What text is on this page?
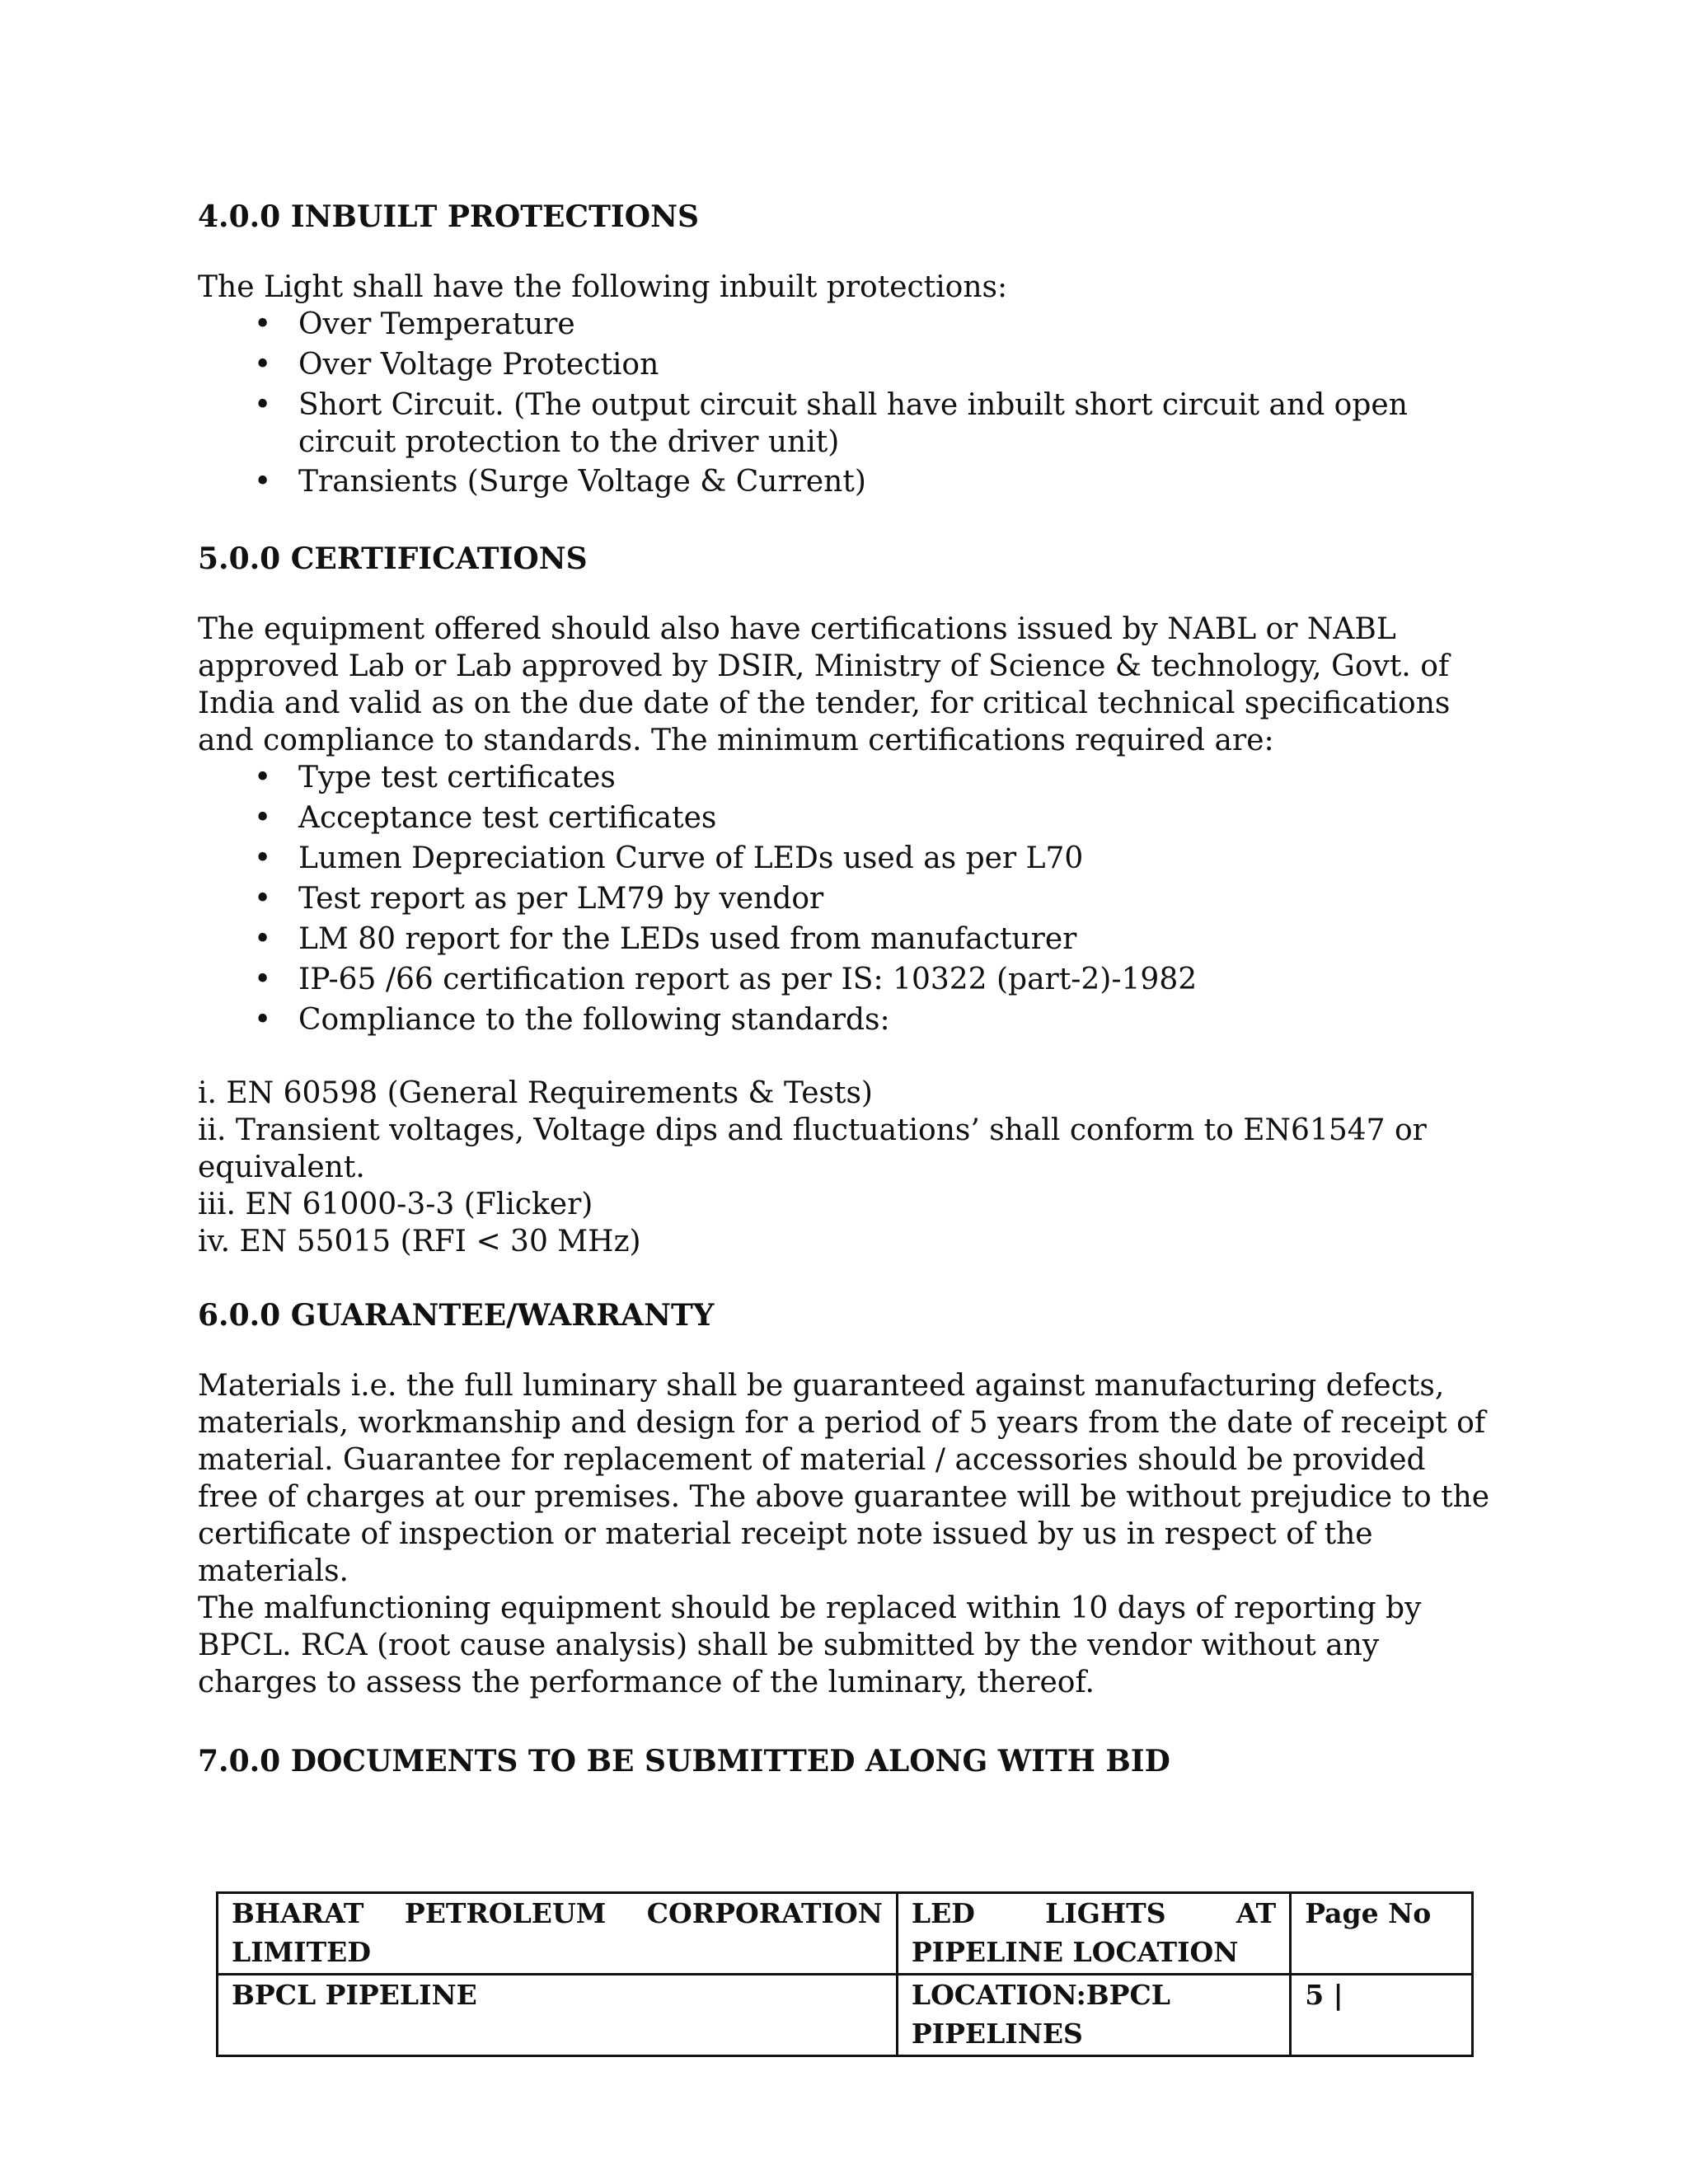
4.0.0 INBUILT PROTECTIONS

The Light shall have the following inbuilt protections:

• Over Temperature
• Over Voltage Protection
• Short Circuit. (The output circuit shall have inbuilt short circuit and open circuit protection to the driver unit)
• Transients (Surge Voltage & Current)

5.0.0 CERTIFICATIONS

The equipment offered should also have certifications issued by NABL or NABL approved Lab or Lab approved by DSIR, Ministry of Science & technology, Govt. of India and valid as on the due date of the tender, for critical technical specifications and compliance to standards. The minimum certifications required are:

• Type test certificates
• Acceptance test certificates
• Lumen Depreciation Curve of LEDs used as per L70
• Test report as per LM79 by vendor
• LM 80 report for the LEDs used from manufacturer
• IP-65 /66 certification report as per IS: 10322 (part-2)-1982
• Compliance to the following standards:
i. EN 60598 (General Requirements & Tests)
ii. Transient voltages, Voltage dips and fluctuations’ shall conform to EN61547 or equivalent.
iii. EN 61000-3-3 (Flicker)
iv. EN 55015 (RFI < 30 MHz)

6.0.0 GUARANTEE/WARRANTY

Materials i.e. the full luminary shall be guaranteed against manufacturing defects, materials, workmanship and design for a period of 5 years from the date of receipt of material. Guarantee for replacement of material / accessories should be provided free of charges at our premises. The above guarantee will be without prejudice to the certificate of inspection or material receipt note issued by us in respect of the materials.

The malfunctioning equipment should be replaced within 10 days of reporting by BPCL. RCA (root cause analysis) shall be submitted by the vendor without any charges to assess the performance of the luminary, thereof.

7.0.0 DOCUMENTS TO BE SUBMITTED ALONG WITH BID

BHARAT PETROLEUM CORPORATION LIMITED	LED LIGHTS AT PIPELINE LOCATION	Page No
BPCL PIPELINE	LOCATION:BPCL PIPELINES	5 |
